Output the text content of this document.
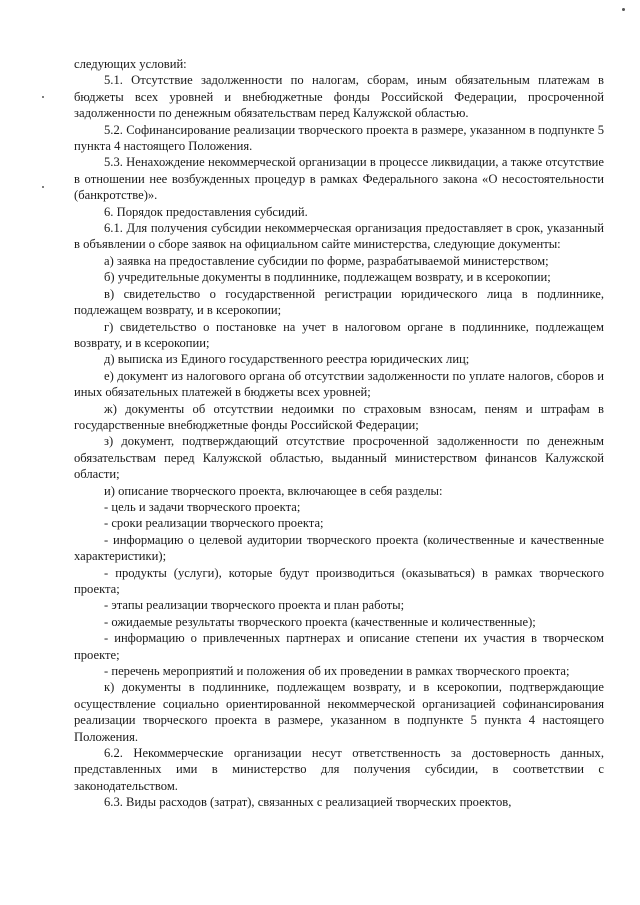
следующих условий:

5.1. Отсутствие задолженности по налогам, сборам, иным обязательным платежам в бюджеты всех уровней и внебюджетные фонды Российской Федерации, просроченной задолженности по денежным обязательствам перед Калужской областью.

5.2. Софинансирование реализации творческого проекта в размере, указанном в подпункте 5 пункта 4 настоящего Положения.

5.3. Ненахождение некоммерческой организации в процессе ликвидации, а также отсутствие в отношении нее возбужденных процедур в рамках Федерального закона «О несостоятельности (банкротстве)».

6. Порядок предоставления субсидий.

6.1. Для получения субсидии некоммерческая организация предоставляет в срок, указанный в объявлении о сборе заявок на официальном сайте министерства, следующие документы:

а) заявка на предоставление субсидии по форме, разрабатываемой министерством;

б) учредительные документы в подлиннике, подлежащем возврату, и в ксерокопии;

в) свидетельство о государственной регистрации юридического лица в подлиннике, подлежащем возврату, и в ксерокопии;

г) свидетельство о постановке на учет в налоговом органе в подлиннике, подлежащем возврату, и в ксерокопии;

д) выписка из Единого государственного реестра юридических лиц;

е) документ из налогового органа об отсутствии задолженности по уплате налогов, сборов и иных обязательных платежей в бюджеты всех уровней;

ж) документы об отсутствии недоимки по страховым взносам, пеням и штрафам в государственные внебюджетные фонды Российской Федерации;

з) документ, подтверждающий отсутствие просроченной задолженности по денежным обязательствам перед Калужской областью, выданный министерством финансов Калужской области;

и) описание творческого проекта, включающее в себя разделы:

- цель и задачи творческого проекта;

- сроки реализации творческого проекта;

- информацию о целевой аудитории творческого проекта (количественные и качественные характеристики);

- продукты (услуги), которые будут производиться (оказываться) в рамках творческого проекта;

- этапы реализации творческого проекта и план работы;

- ожидаемые результаты творческого проекта (качественные и количественные);

- информацию о привлеченных партнерах и описание степени их участия в творческом проекте;

- перечень мероприятий и положения об их проведении в рамках творческого проекта;

к) документы в подлиннике, подлежащем возврату, и в ксерокопии, подтверждающие осуществление социально ориентированной некоммерческой организацией софинансирования реализации творческого проекта в размере, указанном в подпункте 5 пункта 4 настоящего Положения.

6.2. Некоммерческие организации несут ответственность за достоверность данных, представленных ими в министерство для получения субсидии, в соответствии с законодательством.

6.3. Виды расходов (затрат), связанных с реализацией творческих проектов,
